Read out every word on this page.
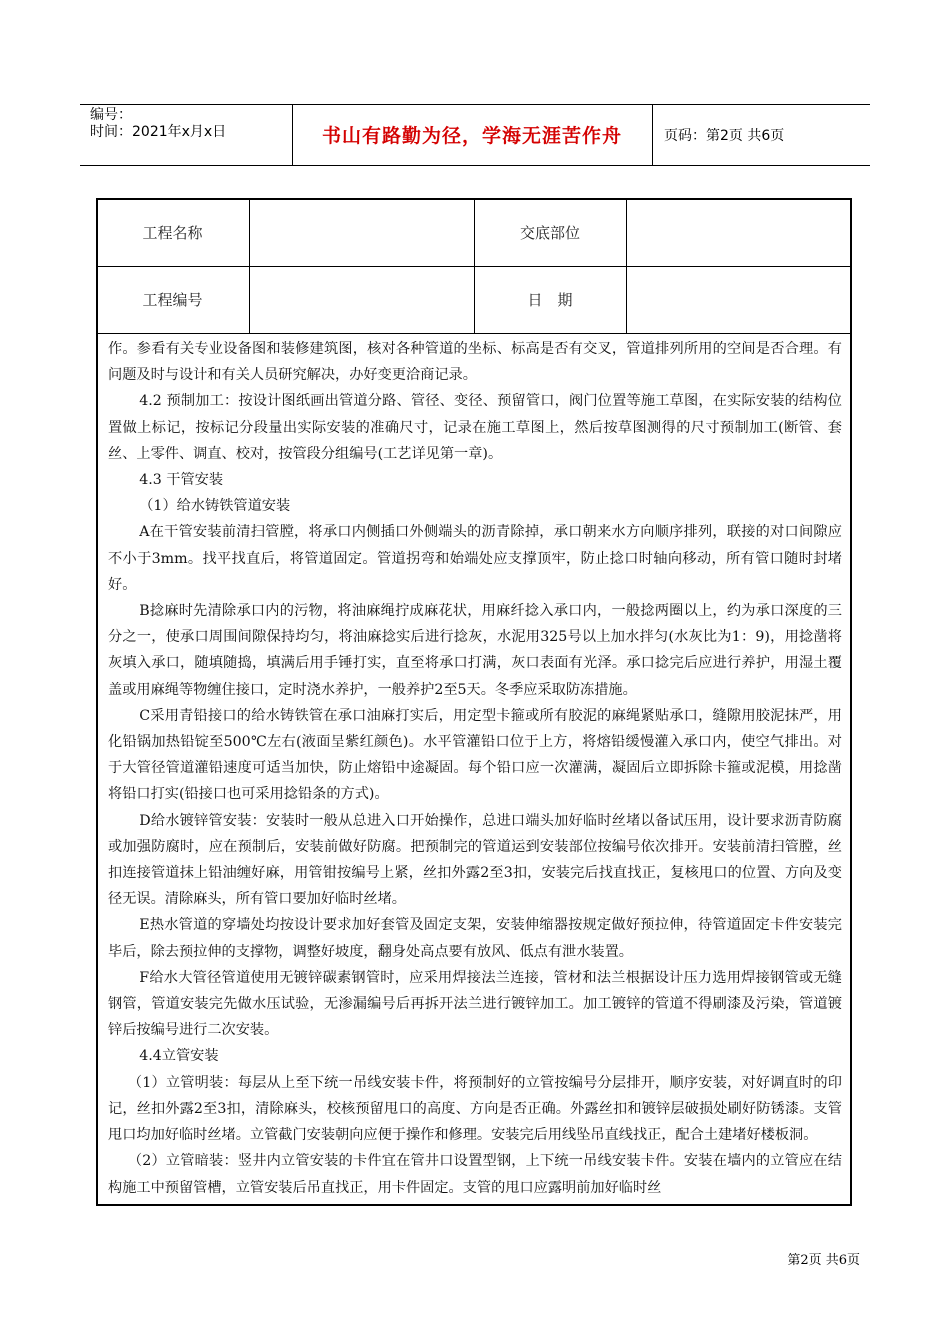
编号：
时间：2021年x月x日	书山有路勤为径，学海无涯苦作舟	页码：第2页 共6页
工程名称	交底部位
工程编号	日　期

作。参看有关专业设备图和装修建筑图，核对各种管道的坐标、标高是否有交叉，管道排列所用的空间是否合理。有问题及时与设计和有关人员研究解决，办好变更洽商记录。

4.2 预制加工：按设计图纸画出管道分路、管径、变径、预留管口，阀门位置等施工草图，在实际安装的结构位置做上标记，按标记分段量出实际安装的准确尺寸，记录在施工草图上，然后按草图测得的尺寸预制加工(断管、套丝、上零件、调直、校对，按管段分组编号(工艺详见第一章)。

4.3 干管安装

（1）给水铸铁管道安装

A在干管安装前清扫管膛，将承口内侧插口外侧端头的沥青除掉，承口朝来水方向顺序排列，联接的对口间隙应不小于3mm。找平找直后，将管道固定。管道拐弯和始端处应支撑顶牢，防止捻口时轴向移动，所有管口随时封堵好。

B捻麻时先清除承口内的污物，将油麻绳拧成麻花状，用麻纤捻入承口内，一般捻两圈以上，约为承口深度的三分之一，使承口周围间隙保持均匀，将油麻捻实后进行捻灰，水泥用325号以上加水拌匀(水灰比为1：9)，用捻凿将灰填入承口，随填随捣，填满后用手锤打实，直至将承口打满，灰口表面有光泽。承口捻完后应进行养护，用湿土覆盖或用麻绳等物缠住接口，定时浇水养护，一般养护2至5天。冬季应采取防冻措施。

C采用青铅接口的给水铸铁管在承口油麻打实后，用定型卡箍或所有胶泥的麻绳紧贴承口，缝隙用胶泥抹严，用化铅锅加热铅锭至500℃左右(液面呈紫红颜色)。水平管灌铅口位于上方，将熔铅缓慢灌入承口内，使空气排出。对于大管径管道灌铅速度可适当加快，防止熔铅中途凝固。每个铅口应一次灌满，凝固后立即拆除卡箍或泥模，用捻凿将铅口打实(铅接口也可采用捻铅条的方式)。

D给水镀锌管安装：安装时一般从总进入口开始操作，总进口端头加好临时丝堵以备试压用，设计要求沥青防腐或加强防腐时，应在预制后，安装前做好防腐。把预制完的管道运到安装部位按编号依次排开。安装前清扫管膛，丝扣连接管道抹上铅油缠好麻，用管钳按编号上紧，丝扣外露2至3扣，安装完后找直找正，复核甩口的位置、方向及变径无误。清除麻头，所有管口要加好临时丝堵。

E热水管道的穿墙处均按设计要求加好套管及固定支架，安装伸缩器按规定做好预拉伸，待管道固定卡件安装完毕后，除去预拉伸的支撑物，调整好坡度，翻身处高点要有放风、低点有泄水装置。

F给水大管径管道使用无镀锌碳素钢管时，应采用焊接法兰连接，管材和法兰根据设计压力选用焊接钢管或无缝钢管，管道安装完先做水压试验，无渗漏编号后再拆开法兰进行镀锌加工。加工镀锌的管道不得刷漆及污染，管道镀锌后按编号进行二次安装。

4.4立管安装

（1）立管明装：每层从上至下统一吊线安装卡件，将预制好的立管按编号分层排开，顺序安装，对好调直时的印记，丝扣外露2至3扣，清除麻头，校核预留甩口的高度、方向是否正确。外露丝扣和镀锌层破损处刷好防锈漆。支管甩口均加好临时丝堵。立管截门安装朝向应便于操作和修理。安装完后用线坠吊直线找正，配合土建堵好楼板洞。

（2）立管暗装：竖井内立管安装的卡件宜在管井口设置型钢，上下统一吊线安装卡件。安装在墙内的立管应在结构施工中预留管槽，立管安装后吊直找正，用卡件固定。支管的甩口应露明前加好临时丝

第2页 共6页
